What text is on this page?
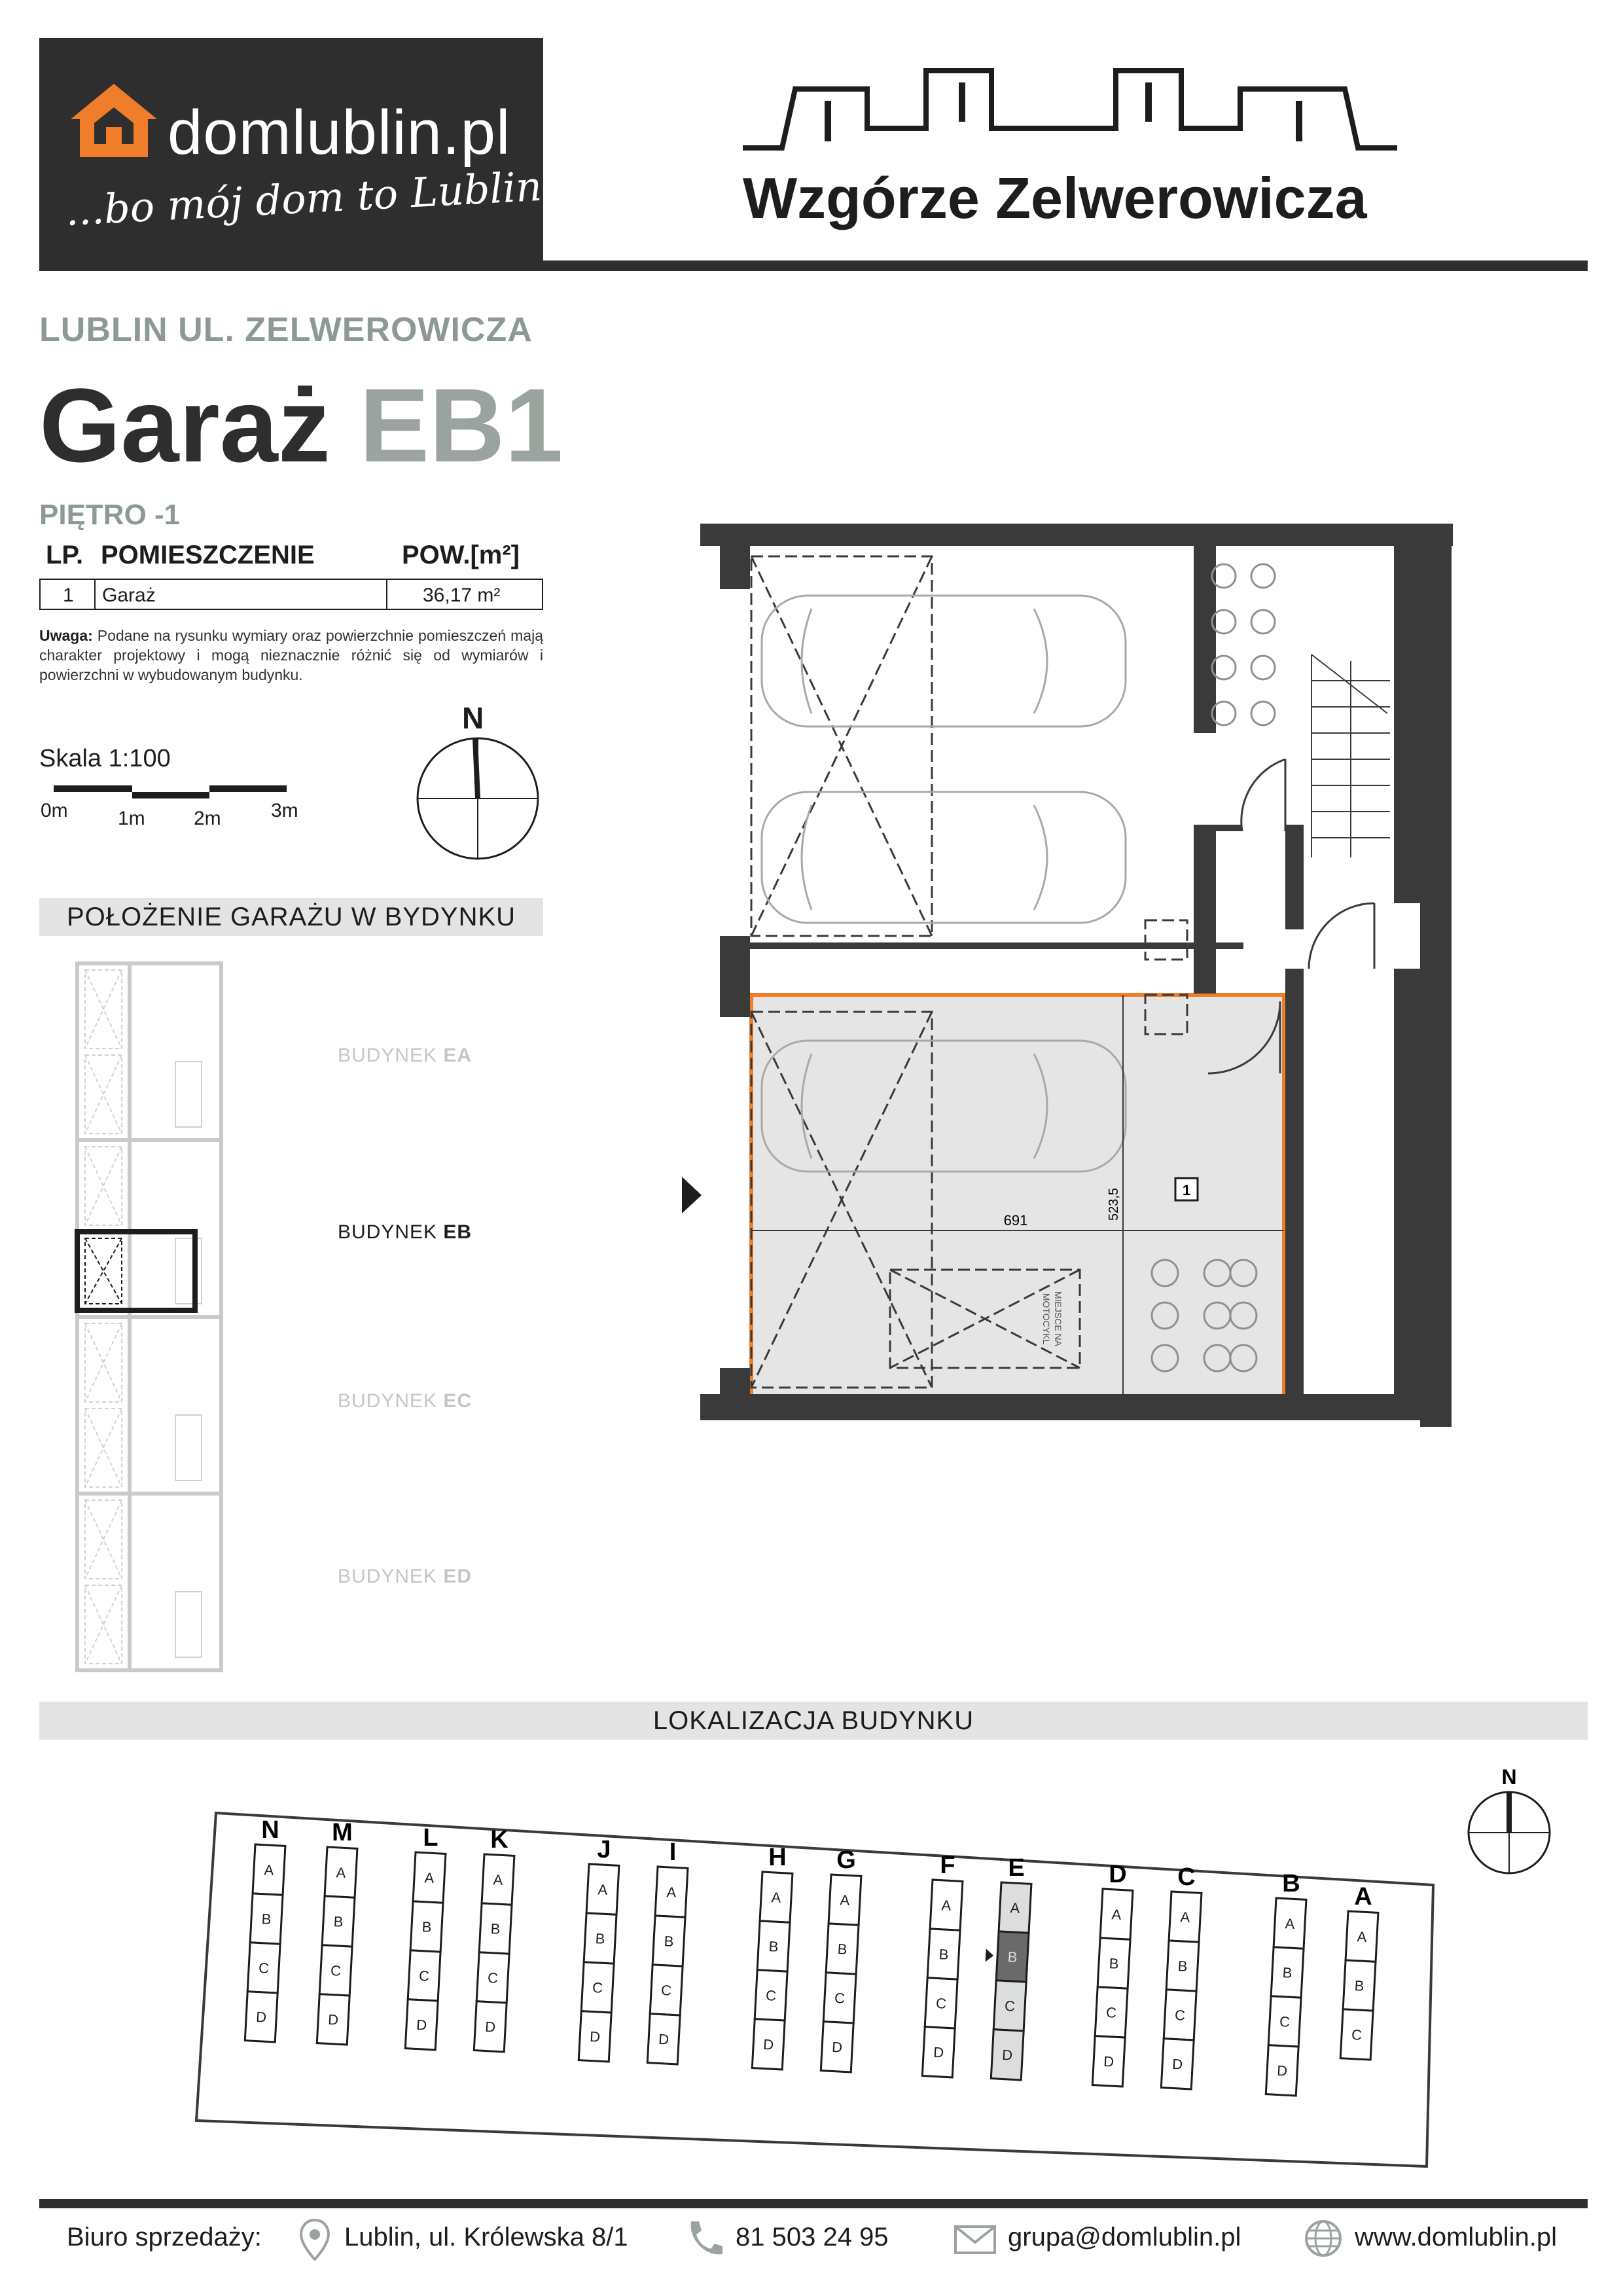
domlublin.pl
...bo mój dom to Lublin	Wzgórze Zelwerowicza
LUBLIN UL. ZELWEROWICZA
Garaż EB1
PIĘTRO -1
LP. POMIESZCZENIE	POW.[m²]
1 Garaż	36,17 m²
Uwaga: Podane na rysunku wymiary oraz powierzchnie pomieszczeń mają charakter projektowy i mogą nieznacznie różnić się od wymiarów i powierzchni w wybudowanym budynku.
Skala 1:100
0m	1m 2m	3m
N
POŁOŻENIE GARAŻU W BYDYNKU
BUDYNEK EA
BUDYNEK EB
BUDYNEK EC
BUDYNEK ED
1
691	523,5
MIEJSCE NA
MOTOCYKL
LOKALIZACJA BUDYNKU
N
N
A
B
C
D
M
A
B
C
D
L
A
B
C
D
K
A
B
C
D
J
A
B
C
D
I
A
B
C
D
H
A
B
C
D
G
A
B
C
D
F
A
B
C
D
E
A
B
C
D
D
A
B
C
D
C
A
B
C
D
B
A
B
C
D
A
A
B
C
Biuro sprzedaży:	Lublin, ul. Królewska 8/1	81 503 24 95	grupa@domlublin.pl	www.domlublin.pl
